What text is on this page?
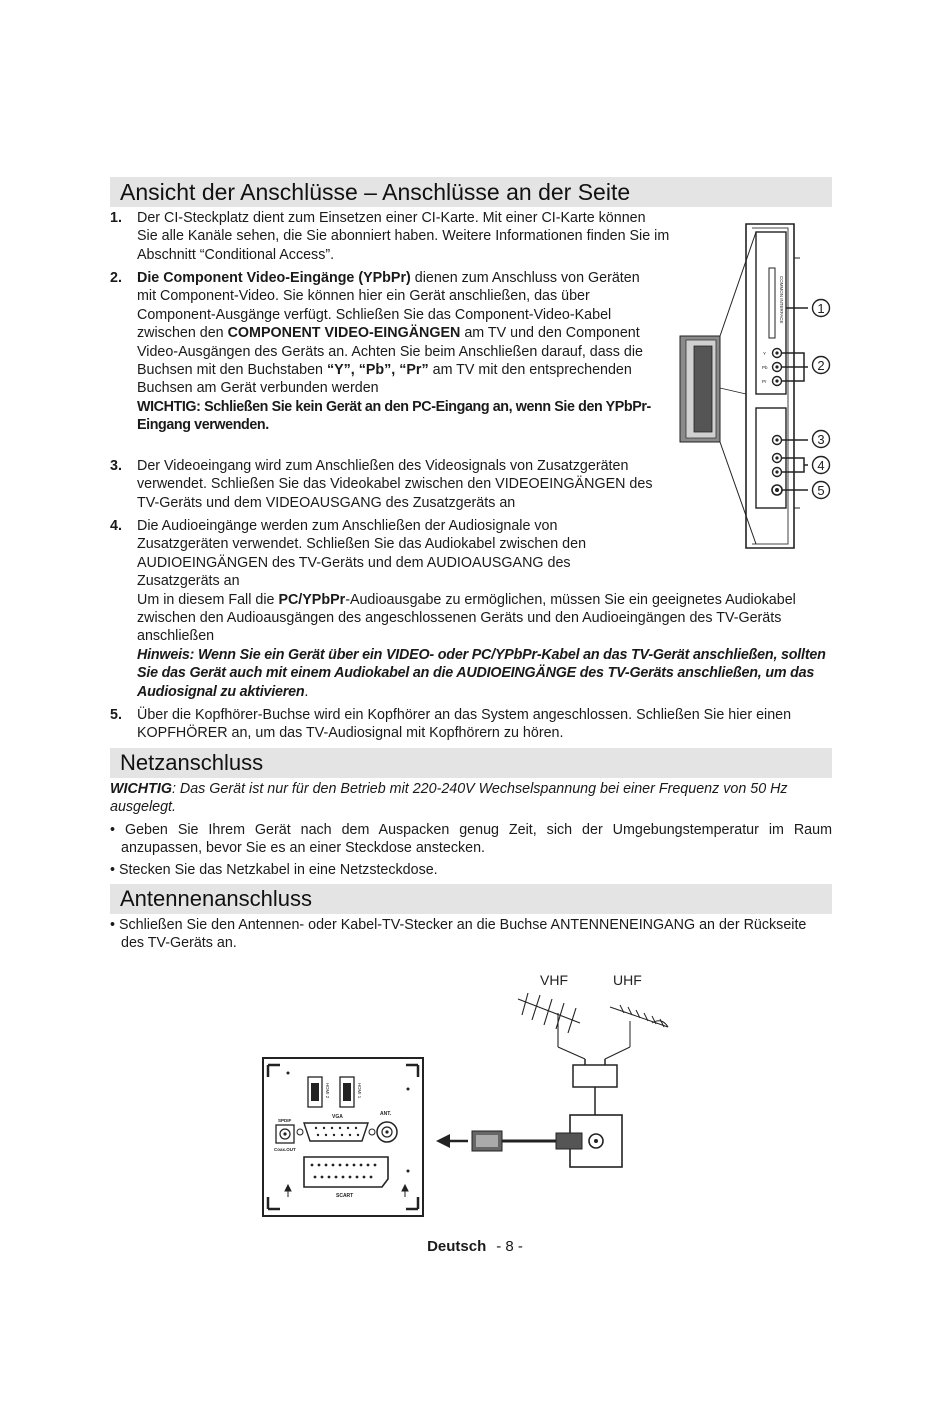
Ansicht der Anschlüsse – Anschlüsse an der Seite
1. Der CI-Steckplatz dient zum Einsetzen einer CI-Karte. Mit einer CI-Karte können Sie alle Kanäle sehen, die Sie abonniert haben. Weitere Informationen finden Sie im Abschnitt “Conditional Access”.
2. Die Component Video-Eingänge (YPbPr) dienen zum Anschluss von Geräten mit Component-Video. Sie können hier ein Gerät anschließen, das über Component-Ausgänge verfügt. Schließen Sie das Component-Video-Kabel zwischen den COMPONENT VIDEO-EINGÄNGEN am TV und den Component Video-Ausgängen des Geräts an. Achten Sie beim Anschließen darauf, dass die Buchsen mit den Buchstaben “Y”, “Pb”, “Pr” am TV mit den entsprechenden Buchsen am Gerät verbunden werden
WICHTIG: Schließen Sie kein Gerät an den PC-Eingang an, wenn Sie den YPbPr-Eingang verwenden.
3. Der Videoeingang wird zum Anschließen des Videosignals von Zusatzgeräten verwendet. Schließen Sie das Videokabel zwischen den VIDEOEINGÄNGEN des TV-Geräts und dem VIDEOAUSGANG des Zusatzgeräts an
4. Die Audioeingänge werden zum Anschließen der Audiosignale von Zusatzgeräten verwendet. Schließen Sie das Audiokabel zwischen den AUDIOEINGÄNGEN des TV-Geräts und dem AUDIOAUSGANG des Zusatzgeräts an
Um in diesem Fall die PC/YPbPr-Audioausgabe zu ermöglichen, müssen Sie ein geeignetes Audiokabel zwischen den Audioausgängen des angeschlossenen Geräts und den Audioeingängen des TV-Geräts anschließen
Hinweis: Wenn Sie ein Gerät über ein VIDEO- oder PC/YPbPr-Kabel an das TV-Gerät anschließen, sollten Sie das Gerät auch mit einem Audiokabel an die AUDIOEINGÄNGE des TV-Geräts anschließen, um das Audiosignal zu aktivieren.
5. Über die Kopfhörer-Buchse wird ein Kopfhörer an das System angeschlossen. Schließen Sie hier einen KOPFHÖRER an, um das TV-Audiosignal mit Kopfhörern zu hören.
COMMON INTERFACE
Y
Pb
Pr
1
2
3
4
5
Netzanschluss
WICHTIG: Das Gerät ist nur für den Betrieb mit 220-240V Wechselspannung bei einer Frequenz von 50 Hz ausgelegt.
• Geben Sie Ihrem Gerät nach dem Auspacken genug Zeit, sich der Umgebungstemperatur im Raum anzupassen, bevor Sie es an einer Steckdose anstecken.
• Stecken Sie das Netzkabel in eine Netzsteckdose.
Antennenanschluss
• Schließen Sie den Antennen- oder Kabel-TV-Stecker an die Buchse ANTENNENEINGANG an der Rückseite des TV-Geräts an.
VHF	UHF
HDMI 2	HDMI 1
VGA	ANT.
SPDIF
Coax.OUT
SCART
Deutsch - 8 -
